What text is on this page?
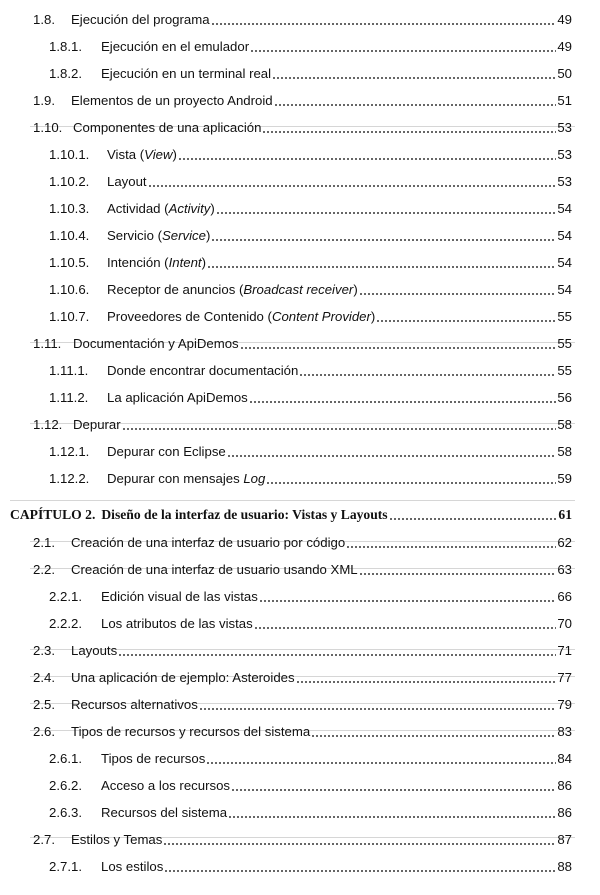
1.8.	Ejecución del programa	49
1.8.1.	Ejecución en el emulador	49
1.8.2.	Ejecución en un terminal real	50
1.9.	Elementos de un proyecto Android	51
1.10. Componentes de una aplicación	53
1.10.1.	Vista (View)	53
1.10.2.	Layout	53
1.10.3.	Actividad (Activity)	54
1.10.4.	Servicio (Service)	54
1.10.5.	Intención (Intent)	54
1.10.6.	Receptor de anuncios (Broadcast receiver)	54
1.10.7.	Proveedores de Contenido (Content Provider)	55
1.11. Documentación y ApiDemos	55
1.11.1.	Donde encontrar documentación	55
1.11.2.	La aplicación ApiDemos	56
1.12. Depurar	58
1.12.1.	Depurar con Eclipse	58
1.12.2.	Depurar con mensajes Log	59
CAPÍTULO 2. Diseño de la interfaz de usuario: Vistas y Layouts	61
2.1.	Creación de una interfaz de usuario por código	62
2.2.	Creación de una interfaz de usuario usando XML	63
2.2.1.	Edición visual de las vistas	66
2.2.2.	Los atributos de las vistas	70
2.3.	Layouts	71
2.4.	Una aplicación de ejemplo: Asteroides	77
2.5.	Recursos alternativos	79
2.6.	Tipos de recursos y recursos del sistema	83
2.6.1.	Tipos de recursos	84
2.6.2.	Acceso a los recursos	86
2.6.3.	Recursos del sistema	86
2.7.	Estilos y Temas	87
2.7.1.	Los estilos	88
